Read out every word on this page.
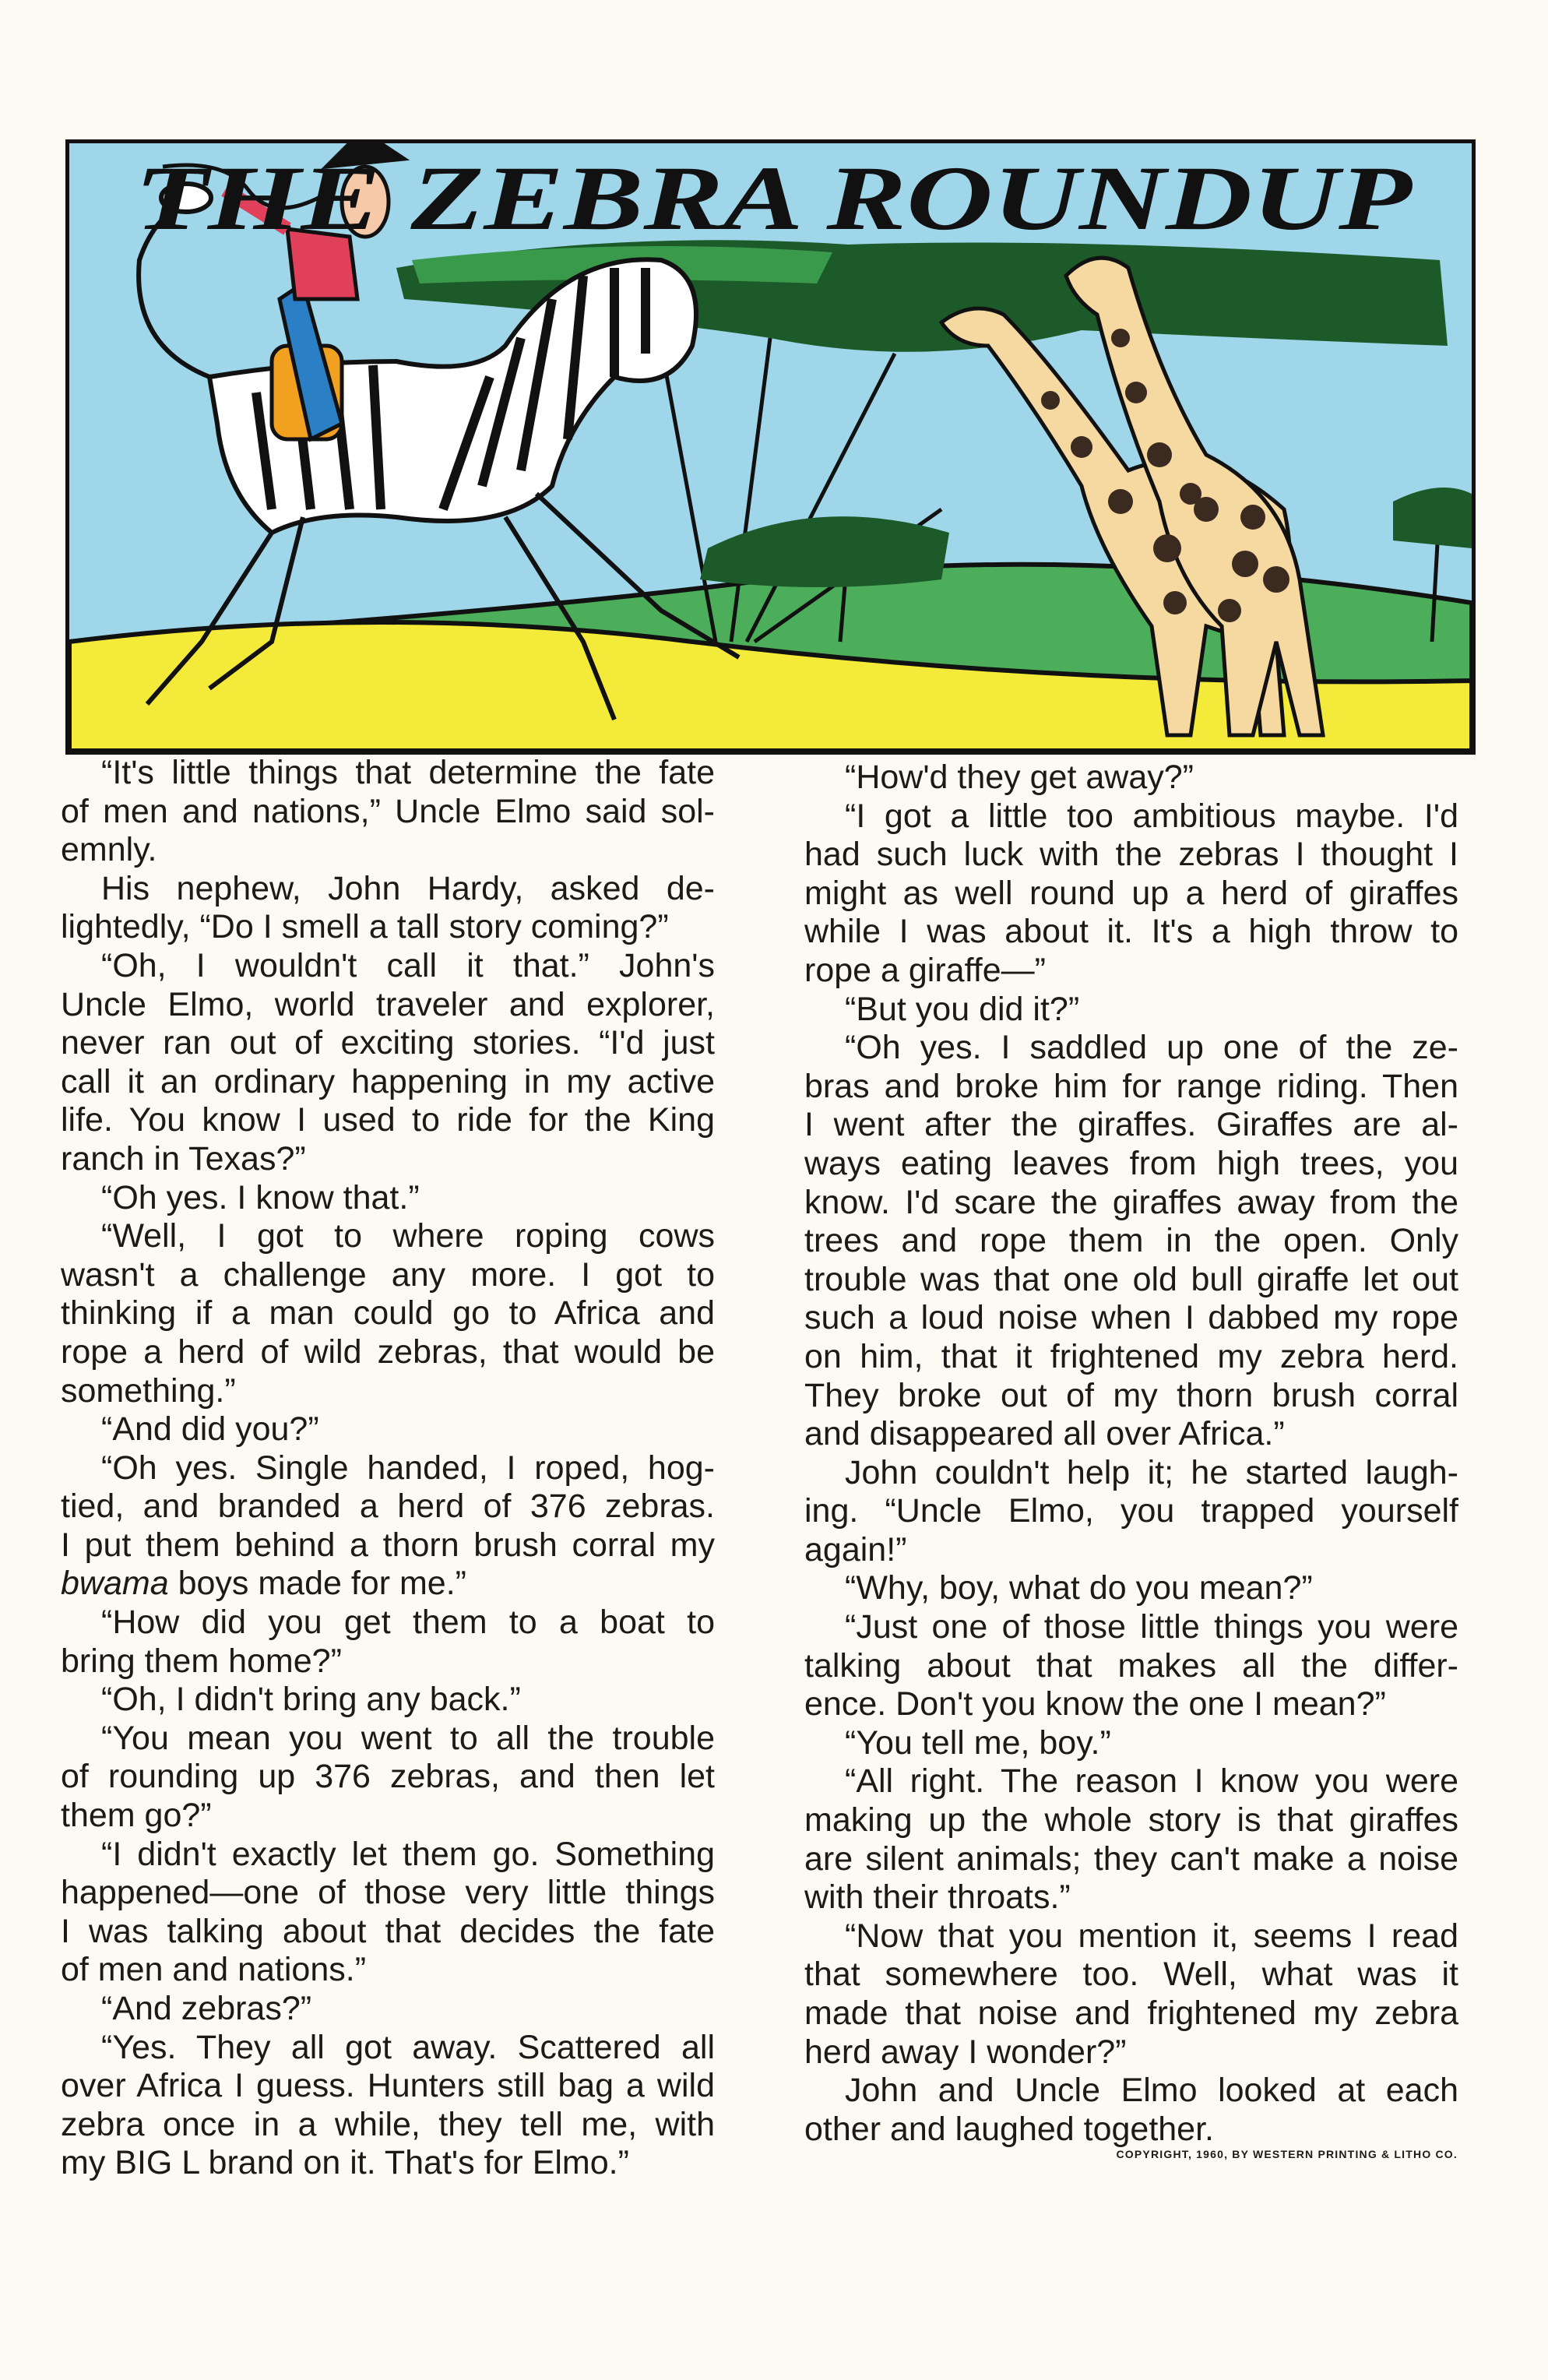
THE ZEBRA ROUNDUP
“It's little things that determine the fate
of men and nations,” Uncle Elmo said sol-
emnly.
His nephew, John Hardy, asked de-
lightedly, “Do I smell a tall story coming?”
“Oh, I wouldn't call it that.” John's
Uncle Elmo, world traveler and explorer,
never ran out of exciting stories. “I'd just
call it an ordinary happening in my active
life. You know I used to ride for the King
ranch in Texas?”
“Oh yes. I know that.”
“Well, I got to where roping cows
wasn't a challenge any more. I got to
thinking if a man could go to Africa and
rope a herd of wild zebras, that would be
something.”
“And did you?”
“Oh yes. Single handed, I roped, hog-
tied, and branded a herd of 376 zebras.
I put them behind a thorn brush corral my
bwama boys made for me.”
“How did you get them to a boat to
bring them home?”
“Oh, I didn't bring any back.”
“You mean you went to all the trouble
of rounding up 376 zebras, and then let
them go?”
“I didn't exactly let them go. Something
happened—one of those very little things
I was talking about that decides the fate
of men and nations.”
“And zebras?”
“Yes. They all got away. Scattered all
over Africa I guess. Hunters still bag a wild
zebra once in a while, they tell me, with
my BIG L brand on it. That's for Elmo.”
“How'd they get away?”
“I got a little too ambitious maybe. I'd
had such luck with the zebras I thought I
might as well round up a herd of giraffes
while I was about it. It's a high throw to
rope a giraffe—”
“But you did it?”
“Oh yes. I saddled up one of the ze-
bras and broke him for range riding. Then
I went after the giraffes. Giraffes are al-
ways eating leaves from high trees, you
know. I'd scare the giraffes away from the
trees and rope them in the open. Only
trouble was that one old bull giraffe let out
such a loud noise when I dabbed my rope
on him, that it frightened my zebra herd.
They broke out of my thorn brush corral
and disappeared all over Africa.”
John couldn't help it; he started laugh-
ing. “Uncle Elmo, you trapped yourself
again!”
“Why, boy, what do you mean?”
“Just one of those little things you were
talking about that makes all the differ-
ence. Don't you know the one I mean?”
“You tell me, boy.”
“All right. The reason I know you were
making up the whole story is that giraffes
are silent animals; they can't make a noise
with their throats.”
“Now that you mention it, seems I read
that somewhere too. Well, what was it
made that noise and frightened my zebra
herd away I wonder?”
John and Uncle Elmo looked at each
other and laughed together.
COPYRIGHT, 1960, BY WESTERN PRINTING & LITHO CO.
